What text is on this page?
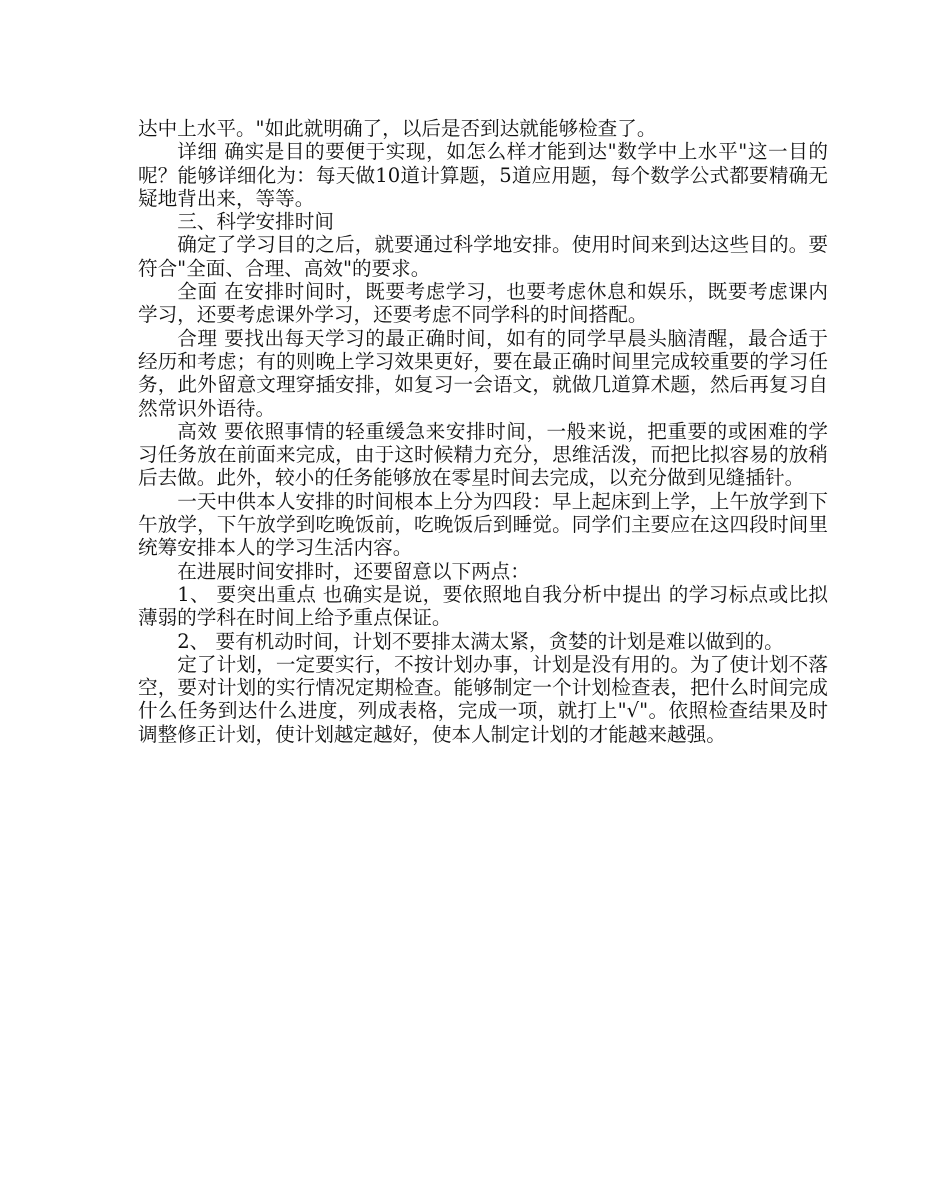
达中上水平。"如此就明确了，以后是否到达就能够检查了。

详细 确实是目的要便于实现，如怎么样才能到达"数学中上水平"这一目的呢？能够详细化为：每天做10道计算题，5道应用题，每个数学公式都要精确无疑地背出来，等等。

三、科学安排时间

确定了学习目的之后，就要通过科学地安排。使用时间来到达这些目的。要符合"全面、合理、高效"的要求。

全面 在安排时间时，既要考虑学习，也要考虑休息和娱乐，既要考虑课内学习，还要考虑课外学习，还要考虑不同学科的时间搭配。

合理 要找出每天学习的最正确时间，如有的同学早晨头脑清醒，最合适于经历和考虑；有的则晚上学习效果更好，要在最正确时间里完成较重要的学习任务，此外留意文理穿插安排，如复习一会语文，就做几道算术题，然后再复习自然常识外语待。

高效 要依照事情的轻重缓急来安排时间，一般来说，把重要的或困难的学习任务放在前面来完成，由于这时候精力充分，思维活泼，而把比拟容易的放稍后去做。此外，较小的任务能够放在零星时间去完成，以充分做到见缝插针。

一天中供本人安排的时间根本上分为四段：早上起床到上学，上午放学到下午放学，下午放学到吃晚饭前，吃晚饭后到睡觉。同学们主要应在这四段时间里统筹安排本人的学习生活内容。

在进展时间安排时，还要留意以下两点：

1、 要突出重点 也确实是说，要依照地自我分析中提出 的学习标点或比拟薄弱的学科在时间上给予重点保证。

2、 要有机动时间，计划不要排太满太紧，贪婪的计划是难以做到的。

定了计划，一定要实行，不按计划办事，计划是没有用的。为了使计划不落空，要对计划的实行情况定期检查。能够制定一个计划检查表，把什么时间完成什么任务到达什么进度，列成表格，完成一项，就打上"√"。依照检查结果及时调整修正计划，使计划越定越好，使本人制定计划的才能越来越强。
